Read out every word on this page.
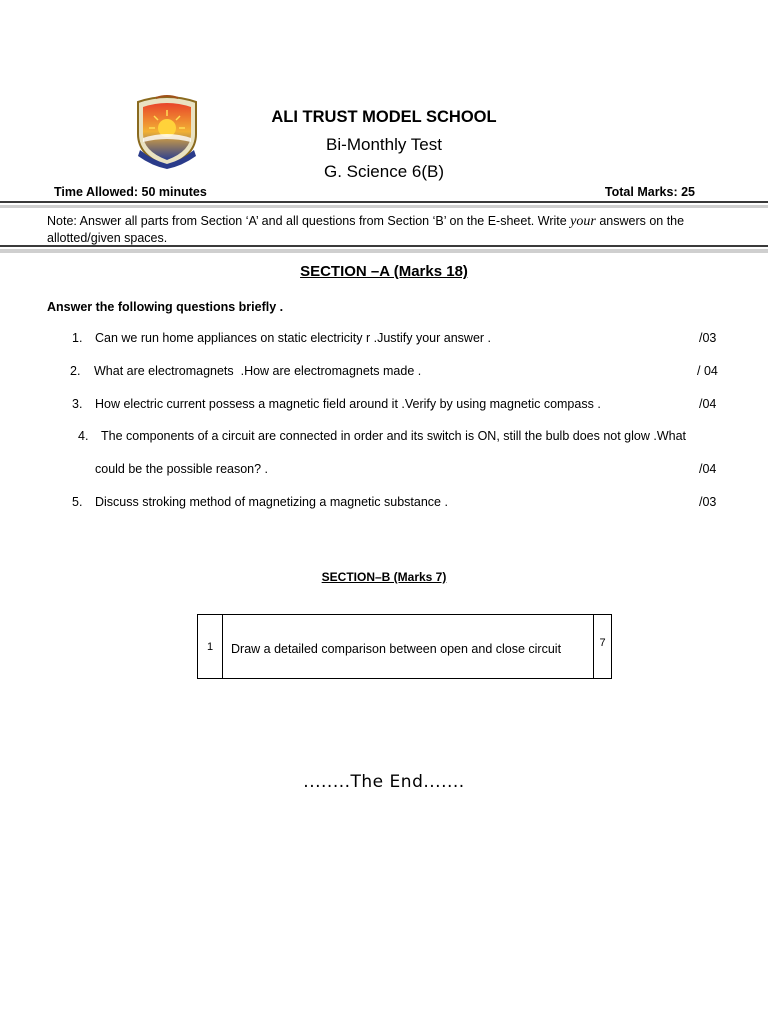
ALI TRUST MODEL SCHOOL
Bi-Monthly Test
G. Science 6(B)
Time Allowed: 50 minutes	Total Marks: 25
Note: Answer all parts from Section ‘A’ and all questions from Section ‘B’ on the E-sheet. Write your answers on the allotted/given spaces.
SECTION –A (Marks 18)
Answer the following questions briefly .
1. Can we run home appliances on static electricity r .Justify your answer .	/03
2. What are electromagnets  .How are electromagnets made .	/ 04
3. How electric current possess a magnetic field around it .Verify by using magnetic compass .	/04
4. The components of a circuit are connected in order and its switch is ON, still the bulb does not glow .What
could be the possible reason? .	/04
5. Discuss stroking method of magnetizing a magnetic substance .	/03
SECTION–B (Marks 7)
1	Draw a detailed comparison between open and close circuit	7
........The End.......
